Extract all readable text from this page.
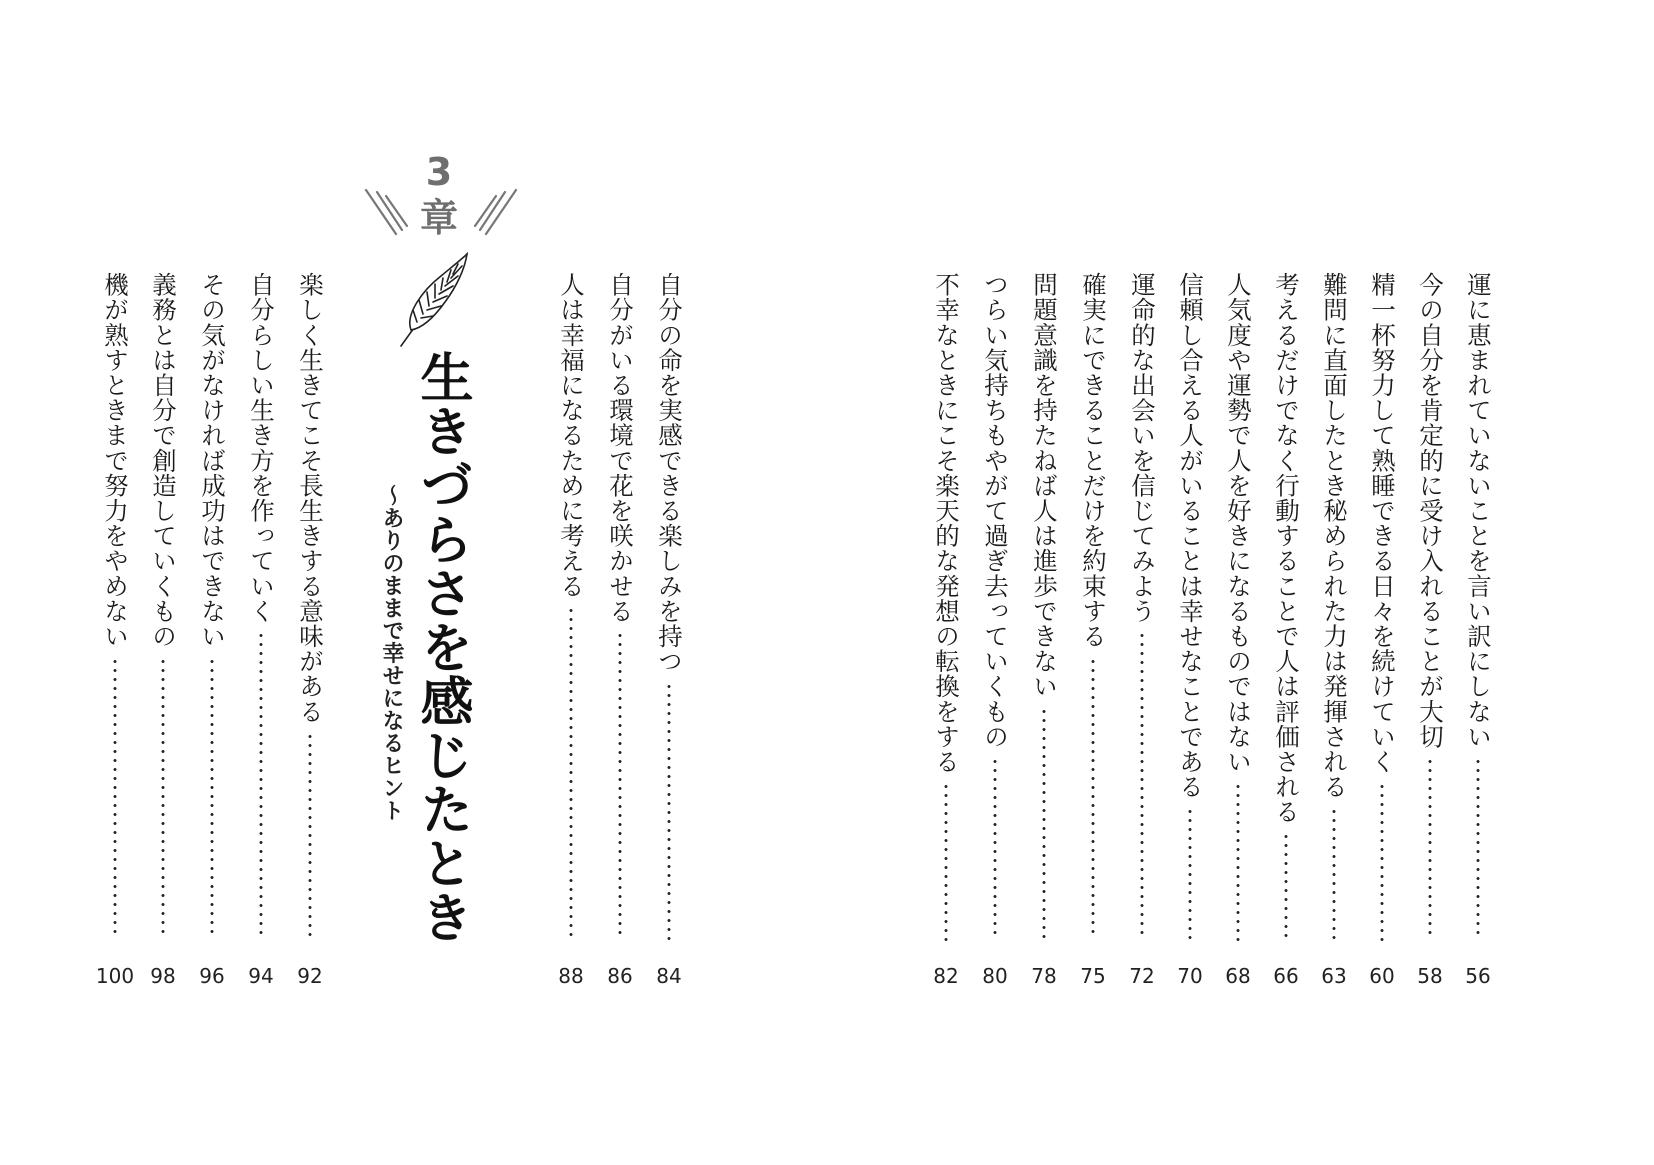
運に恵まれていないことを言い訳にしない
56
今の自分を肯定的に受け入れることが大切
58
精一杯努力して熟睡できる日々を続けていく
60
難問に直面したとき秘められた力は発揮される
63
考えるだけでなく行動することで人は評価される
66
人気度や運勢で人を好きになるものではない
68
信頼し合える人がいることは幸せなことである
70
運命的な出会いを信じてみよう
72
確実にできることだけを約束する
75
問題意識を持たねば人は進歩できない
78
つらい気持ちもやがて過ぎ去っていくもの
80
不幸なときにこそ楽天的な発想の転換をする
82
自分の命を実感できる楽しみを持つ
84
自分がいる環境で花を咲かせる
86
人は幸福になるために考える
88
3
章
生きづらさを感じたとき
〜ありのままで幸せになるヒント
楽しく生きてこそ長生きする意味がある
92
自分らしい生き方を作っていく
94
その気がなければ成功はできない
96
義務とは自分で創造していくもの
98
機が熟すときまで努力をやめない
100
